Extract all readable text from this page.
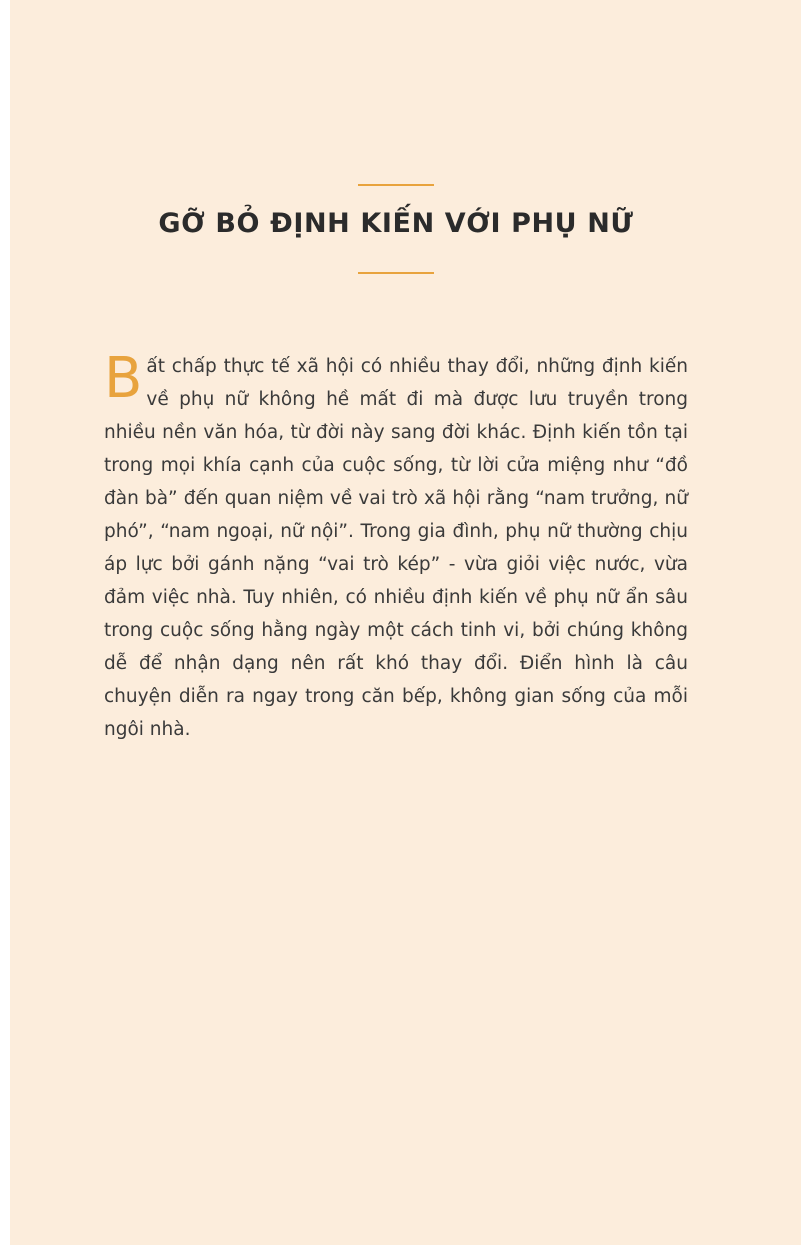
GỠ BỎ ĐỊNH KIẾN VỚI PHỤ NỮ
B ất chấp thực tế xã hội có nhiều thay đổi, những định kiến về phụ nữ không hề mất đi mà được lưu truyền trong nhiều nền văn hóa, từ đời này sang đời khác. Định kiến tồn tại trong mọi khía cạnh của cuộc sống, từ lời cửa miệng như “đồ đàn bà” đến quan niệm về vai trò xã hội rằng “nam trưởng, nữ phó”, “nam ngoại, nữ nội”. Trong gia đình, phụ nữ thường chịu áp lực bởi gánh nặng “vai trò kép” - vừa giỏi việc nước, vừa đảm việc nhà. Tuy nhiên, có nhiều định kiến về phụ nữ ẩn sâu trong cuộc sống hằng ngày một cách tinh vi, bởi chúng không dễ để nhận dạng nên rất khó thay đổi. Điển hình là câu chuyện diễn ra ngay trong căn bếp, không gian sống của mỗi ngôi nhà.
